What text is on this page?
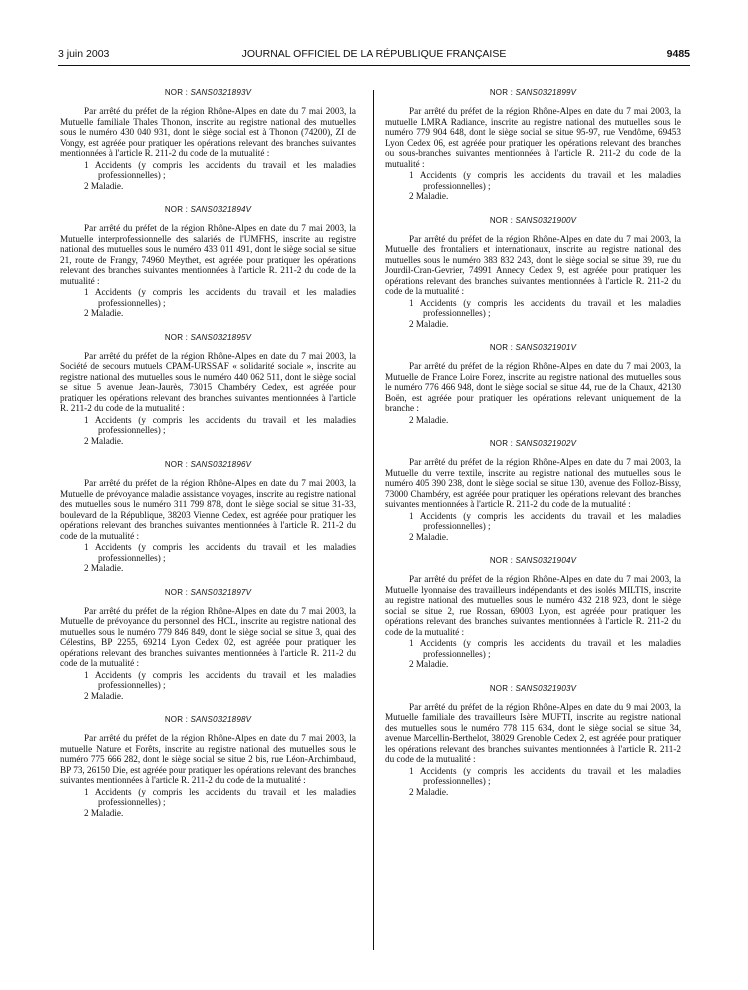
3 juin 2003	JOURNAL OFFICIEL DE LA RÉPUBLIQUE FRANÇAISE	9485
NOR : SANS0321893V

Par arrêté du préfet de la région Rhône-Alpes en date du 7 mai 2003, la Mutuelle familiale Thales Thonon, inscrite au registre national des mutuelles sous le numéro 430 040 931, dont le siège social est à Thonon (74200), ZI de Vongy, est agréée pour pratiquer les opérations relevant des branches suivantes mentionnées à l'article R. 211-2 du code de la mutualité :

1 Accidents (y compris les accidents du travail et les maladies professionnelles) ;
2 Maladie.
NOR : SANS0321894V

Par arrêté du préfet de la région Rhône-Alpes en date du 7 mai 2003, la Mutuelle interprofessionnelle des salariés de l'UMFHS, inscrite au registre national des mutuelles sous le numéro 433 011 491, dont le siège social se situe 21, route de Frangy, 74960 Meythet, est agréée pour pratiquer les opérations relevant des branches suivantes mentionnées à l'article R. 211-2 du code de la mutualité :

1 Accidents (y compris les accidents du travail et les maladies professionnelles) ;
2 Maladie.
NOR : SANS0321895V

Par arrêté du préfet de la région Rhône-Alpes en date du 7 mai 2003, la Société de secours mutuels CPAM-URSSAF « solidarité sociale », inscrite au registre national des mutuelles sous le numéro 440 062 511, dont le siège social se situe 5 avenue Jean-Jaurès, 73015 Chambéry Cedex, est agréée pour pratiquer les opérations relevant des branches suivantes mentionnées à l'article R. 211-2 du code de la mutualité :

1 Accidents (y compris les accidents du travail et les maladies professionnelles) ;
2 Maladie.
NOR : SANS0321896V

Par arrêté du préfet de la région Rhône-Alpes en date du 7 mai 2003, la Mutuelle de prévoyance maladie assistance voyages, inscrite au registre national des mutuelles sous le numéro 311 799 878, dont le siège social se situe 31-33, boulevard de la République, 38203 Vienne Cedex, est agréée pour pratiquer les opérations relevant des branches suivantes mentionnées à l'article R. 211-2 du code de la mutualité :

1 Accidents (y compris les accidents du travail et les maladies professionnelles) ;
2 Maladie.
NOR : SANS0321897V

Par arrêté du préfet de la région Rhône-Alpes en date du 7 mai 2003, la Mutuelle de prévoyance du personnel des HCL, inscrite au registre national des mutuelles sous le numéro 779 846 849, dont le siège social se situe 3, quai des Célestins, BP 2255, 69214 Lyon Cedex 02, est agréée pour pratiquer les opérations relevant des branches suivantes mentionnées à l'article R. 211-2 du code de la mutualité :

1 Accidents (y compris les accidents du travail et les maladies professionnelles) ;
2 Maladie.
NOR : SANS0321898V

Par arrêté du préfet de la région Rhône-Alpes en date du 7 mai 2003, la mutuelle Nature et Forêts, inscrite au registre national des mutuelles sous le numéro 775 666 282, dont le siège social se situe 2 bis, rue Léon-Archimbaud, BP 73, 26150 Die, est agréée pour pratiquer les opérations relevant des branches suivantes mentionnées à l'article R. 211-2 du code de la mutualité :

1 Accidents (y compris les accidents du travail et les maladies professionnelles) ;
2 Maladie.
NOR : SANS0321899V

Par arrêté du préfet de la région Rhône-Alpes en date du 7 mai 2003, la mutuelle LMRA Radiance, inscrite au registre national des mutuelles sous le numéro 779 904 648, dont le siège social se situe 95-97, rue Vendôme, 69453 Lyon Cedex 06, est agréée pour pratiquer les opérations relevant des branches ou sous-branches suivantes mentionnées à l'article R. 211-2 du code de la mutualité :

1 Accidents (y compris les accidents du travail et les maladies professionnelles) ;
2 Maladie.
NOR : SANS0321900V

Par arrêté du préfet de la région Rhône-Alpes en date du 7 mai 2003, la Mutuelle des frontaliers et internationaux, inscrite au registre national des mutuelles sous le numéro 383 832 243, dont le siège social se situe 39, rue du Jourdil-Cran-Gevrier, 74991 Annecy Cedex 9, est agréée pour pratiquer les opérations relevant des branches suivantes mentionnées à l'article R. 211-2 du code de la mutualité :

1 Accidents (y compris les accidents du travail et les maladies professionnelles) ;
2 Maladie.
NOR : SANS0321901V

Par arrêté du préfet de la région Rhône-Alpes en date du 7 mai 2003, la Mutuelle de France Loire Forez, inscrite au registre national des mutuelles sous le numéro 776 466 948, dont le siège social se situe 44, rue de la Chaux, 42130 Boën, est agréée pour pratiquer les opérations relevant uniquement de la branche :

2 Maladie.
NOR : SANS0321902V

Par arrêté du préfet de la région Rhône-Alpes en date du 7 mai 2003, la Mutuelle du verre textile, inscrite au registre national des mutuelles sous le numéro 405 390 238, dont le siège social se situe 130, avenue des Folloz-Bissy, 73000 Chambéry, est agréée pour pratiquer les opérations relevant des branches suivantes mentionnées à l'article R. 211-2 du code de la mutualité :

1 Accidents (y compris les accidents du travail et les maladies professionnelles) ;
2 Maladie.
NOR : SANS0321904V

Par arrêté du préfet de la région Rhône-Alpes en date du 7 mai 2003, la Mutuelle lyonnaise des travailleurs indépendants et des isolés MILTIS, inscrite au registre national des mutuelles sous le numéro 432 218 923, dont le siège social se situe 2, rue Rossan, 69003 Lyon, est agréée pour pratiquer les opérations relevant des branches suivantes mentionnées à l'article R. 211-2 du code de la mutualité :

1 Accidents (y compris les accidents du travail et les maladies professionnelles) ;
2 Maladie.
NOR : SANS0321903V

Par arrêté du préfet de la région Rhône-Alpes en date du 9 mai 2003, la Mutuelle familiale des travailleurs Isère MUFTI, inscrite au registre national des mutuelles sous le numéro 778 115 634, dont le siège social se situe 34, avenue Marcellin-Berthelot, 38029 Grenoble Cedex 2, est agréée pour pratiquer les opérations relevant des branches suivantes mentionnées à l'article R. 211-2 du code de la mutualité :

1 Accidents (y compris les accidents du travail et les maladies professionnelles) ;
2 Maladie.
